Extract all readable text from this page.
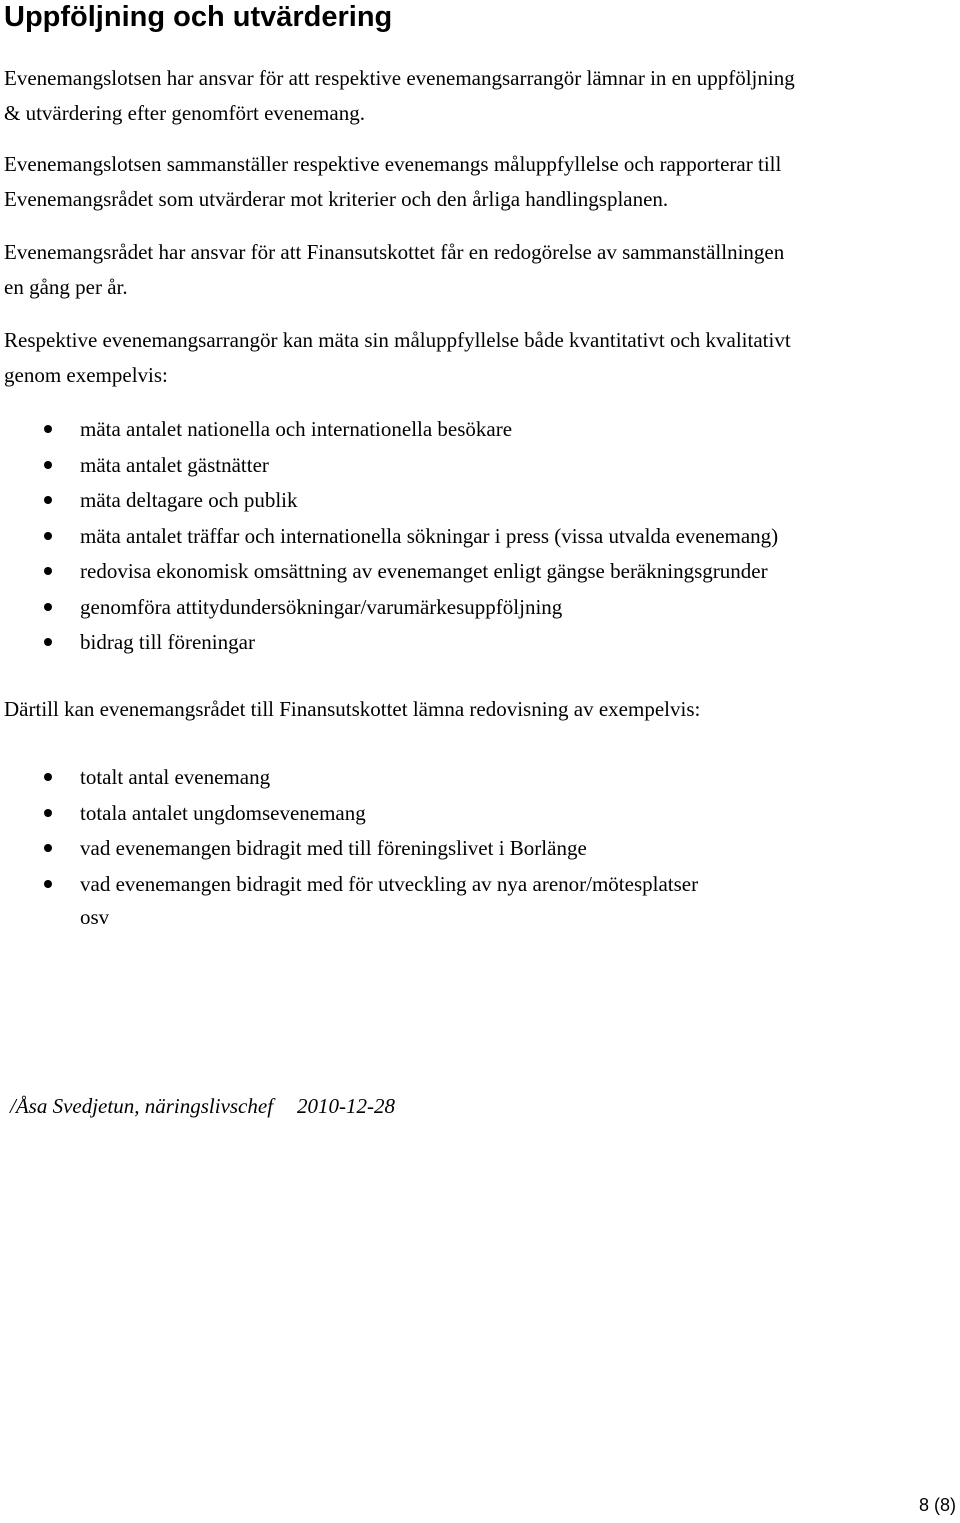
Uppföljning och utvärdering

Evenemangslotsen har ansvar för att respektive evenemangsarrangör lämnar in en uppföljning
& utvärdering efter genomfört evenemang.

Evenemangslotsen sammanställer respektive evenemangs måluppfyllelse och rapporterar till
Evenemangsrådet som utvärderar mot kriterier och den årliga handlingsplanen.

Evenemangsrådet har ansvar för att Finansutskottet får en redogörelse av sammanställningen
en gång per år.

Respektive evenemangsarrangör kan mäta sin måluppfyllelse både kvantitativt och kvalitativt
genom exempelvis:

mäta antalet nationella och internationella besökare
mäta antalet gästnätter
mäta deltagare och publik
mäta antalet träffar och internationella sökningar i press (vissa utvalda evenemang)
redovisa ekonomisk omsättning av evenemanget enligt gängse beräkningsgrunder
genomföra attitydundersökningar/varumärkesuppföljning
bidrag till föreningar

Därtill kan evenemangsrådet till Finansutskottet lämna redovisning av exempelvis:

totalt antal evenemang
totala antalet ungdomsevenemang
vad evenemangen bidragit med till föreningslivet i Borlänge
vad evenemangen bidragit med för utveckling av nya arenor/mötesplatser
osv
/Åsa Svedjetun, näringslivschef 2010-12-28
8 (8)
